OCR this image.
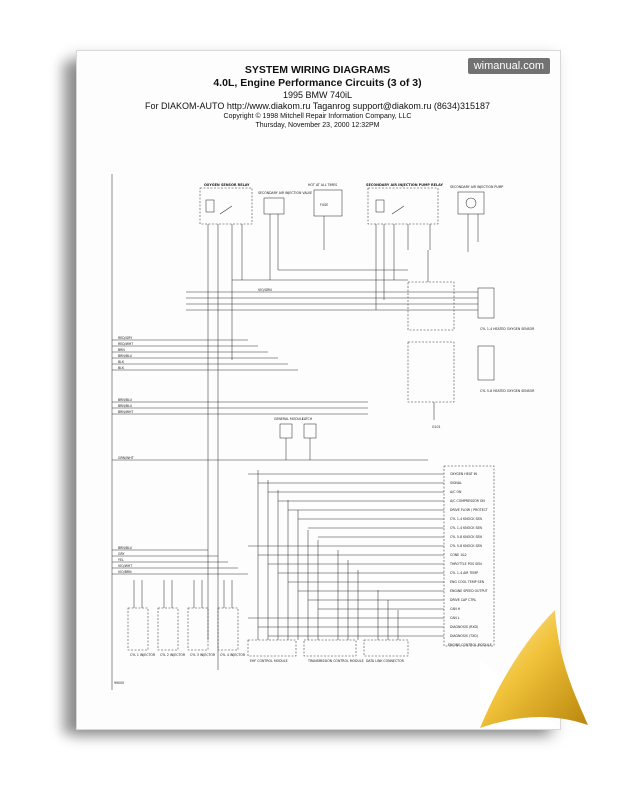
wimanual.com
SYSTEM WIRING DIAGRAMS
4.0L, Engine Performance Circuits (3 of 3)
1995 BMW 740iL
For DIAKOM-AUTO http://www.diakom.ru Taganrog support@diakom.ru (8634)315187
Copyright © 1998 Mitchell Repair Information Company, LLC
Thursday, November 23, 2000 12:32PM
OXYGEN SENSOR RELAY	SECONDARY AIR INJECTION PUMP RELAY
SECONDARY AIR INJECTION VALVE
HOT AT ALL TIMES
FUSE
SECONDARY AIR INJECTION PUMP
CYL 1-4 HEATED OXYGEN SENSOR
CYL 5-8 HEATED OXYGEN SENSOR
GENERAL MODULE
LATCH
ENGINE CONTROL MODULE
TRANSMISSION CONTROL MODULE
EHF CONTROL MODULE	DATA LINK CONNECTOR
CYL 1 INJECTOR CYL 2 INJECTOR CYL 3 INJECTOR CYL 4 INJECTOR
G101
99000
RED/GRY
RED/WHT
BRN
BRN/BLU
BLK
BLK
BRN/BLU
BRN/BLU
BRN/WHT
GRN/WHT
BRN/BLU
GRY
YEL
VIO/WHT
VIO/BRN
VIO/GRN
OXYGEN HEAT IN
SIGNAL
A/C ON
A/C COMPRESSOR ON
DRIVE FLOW / PROTECT
CYL 1-4 KNOCK SEN
CYL 1-4 KNOCK SEN
CYL 5-8 KNOCK SEN
CYL 5-8 KNOCK SEN
CONE 1&2
THROTTLE POS SEN
CYL 1-4 AIR TEMP
ENG COOL TEMP SEN
ENGINE SPEED OUTPUT
DRIVE CAP CTRL
CAN H
CAN L
DIAGNOSIS (RXD)
DIAGNOSIS (TXD)
